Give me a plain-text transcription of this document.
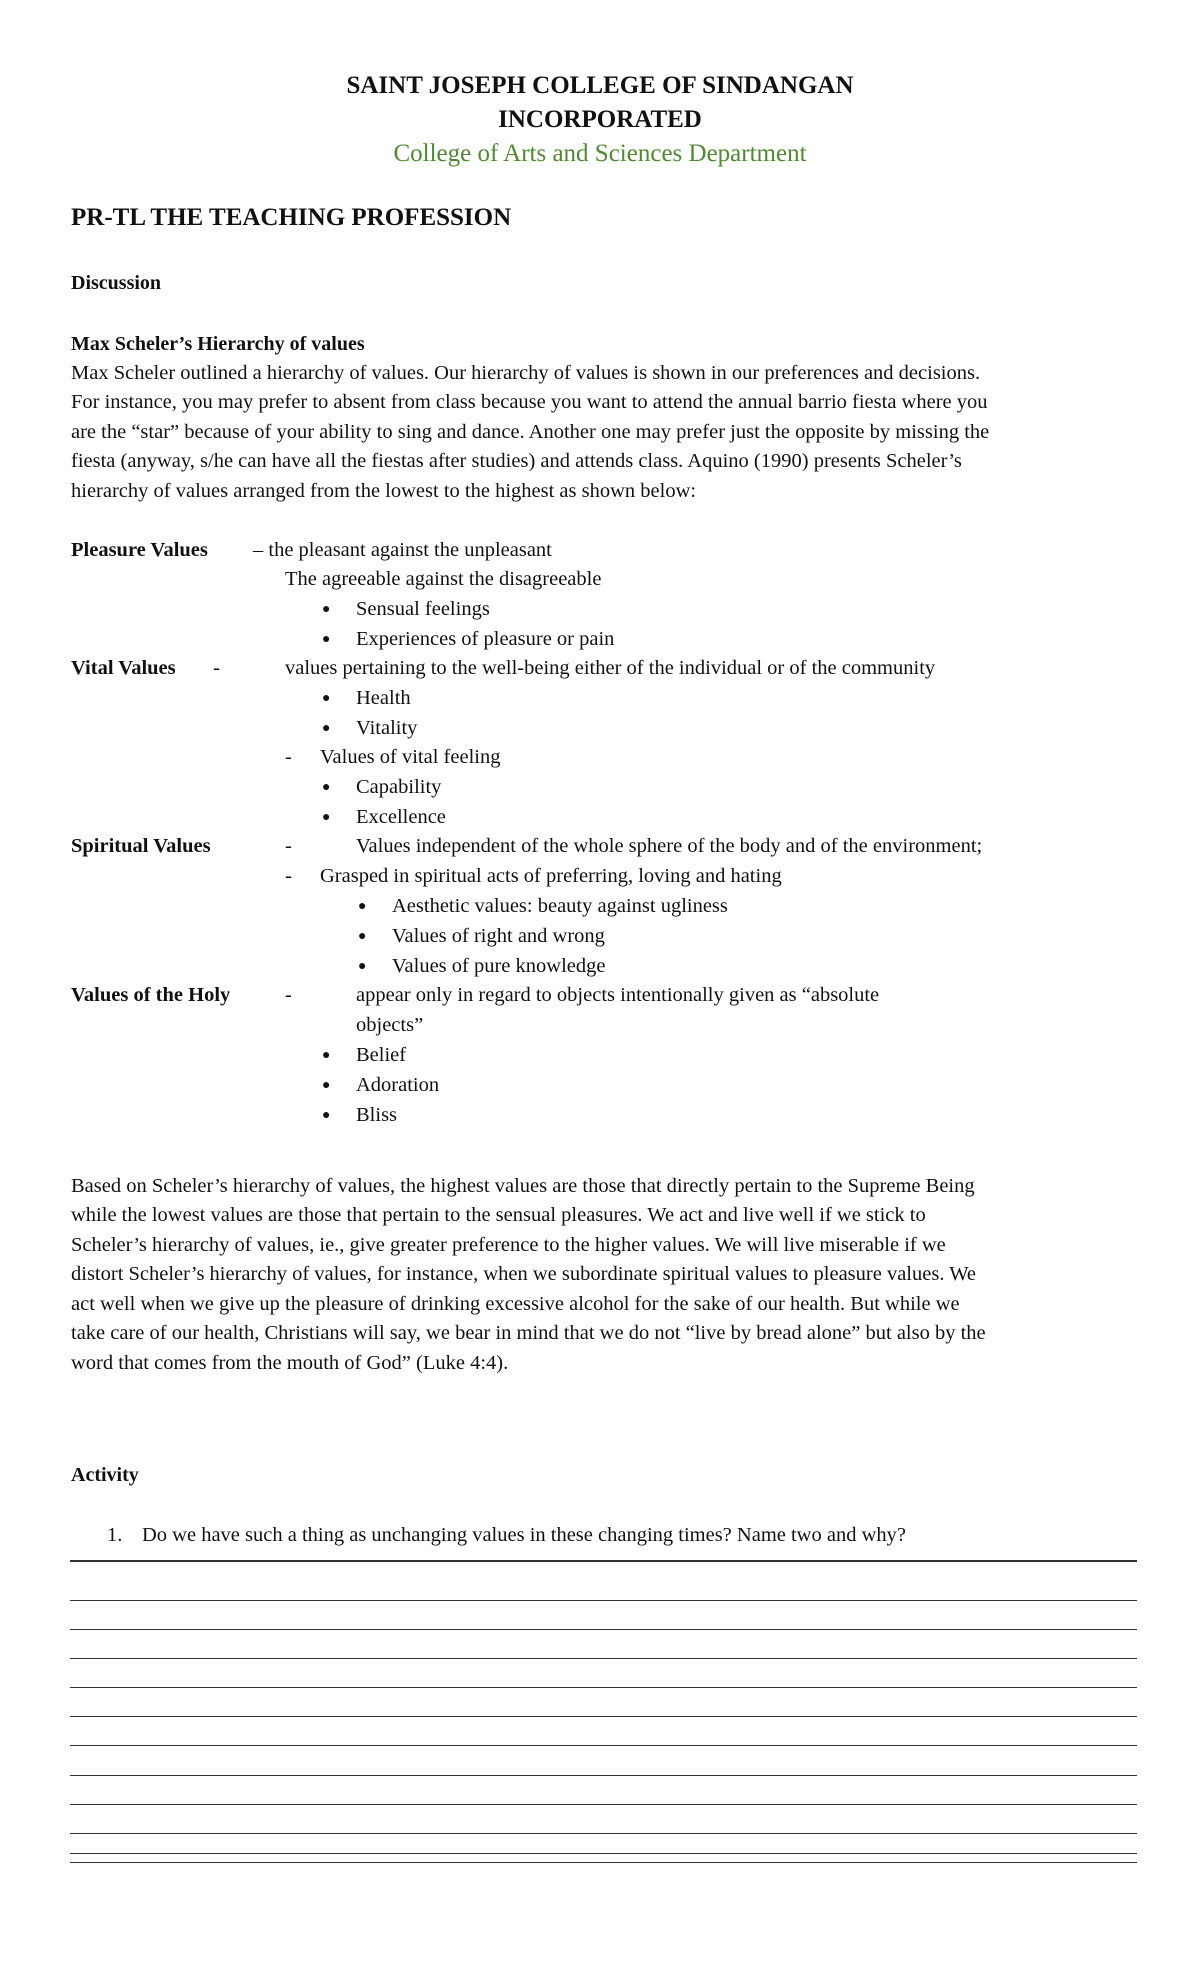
SAINT JOSEPH COLLEGE OF SINDANGAN
INCORPORATED
College of Arts and Sciences Department
PR-TL THE TEACHING PROFESSION
Discussion
Max Scheler’s Hierarchy of values
Max Scheler outlined a hierarchy of values. Our hierarchy of values is shown in our preferences and decisions.
For instance, you may prefer to absent from class because you want to attend the annual barrio fiesta where you
are the “star” because of your ability to sing and dance. Another one may prefer just the opposite by missing the
fiesta (anyway, s/he can have all the fiestas after studies) and attends class. Aquino (1990) presents Scheler’s
hierarchy of values arranged from the lowest to the highest as shown below:
Pleasure Values – the pleasant against the unpleasant
The agreeable against the disagreeable
● Sensual feelings
● Experiences of pleasure or pain
Vital Values -	values pertaining to the well-being either of the individual or of the community
● Health
● Vitality
- Values of vital feeling
● Capability
● Excellence
Spiritual Values	-	Values independent of the whole sphere of the body and of the environment;
- Grasped in spiritual acts of preferring, loving and hating
● Aesthetic values: beauty against ugliness
● Values of right and wrong
● Values of pure knowledge
Values of the Holy	-	appear only in regard to objects intentionally given as “absolute
objects”
● Belief
● Adoration
● Bliss
Based on Scheler’s hierarchy of values, the highest values are those that directly pertain to the Supreme Being
while the lowest values are those that pertain to the sensual pleasures. We act and live well if we stick to
Scheler’s hierarchy of values, ie., give greater preference to the higher values. We will live miserable if we
distort Scheler’s hierarchy of values, for instance, when we subordinate spiritual values to pleasure values. We
act well when we give up the pleasure of drinking excessive alcohol for the sake of our health. But while we
take care of our health, Christians will say, we bear in mind that we do not “live by bread alone” but also by the
word that comes from the mouth of God” (Luke 4:4).
Activity
1. Do we have such a thing as unchanging values in these changing times? Name two and why?
